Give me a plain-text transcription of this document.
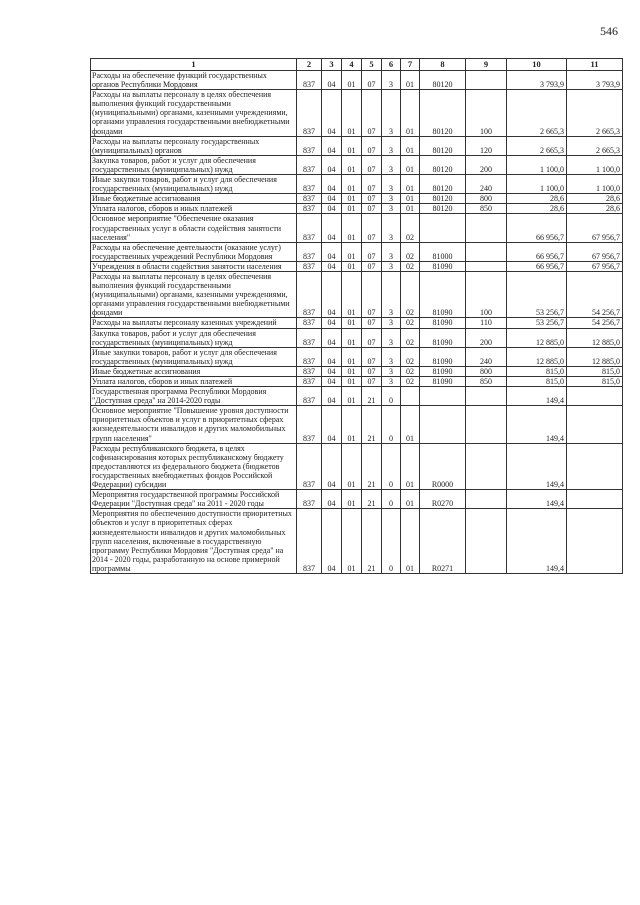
546
1	2	3	4	5	6	7	8	9	10	11
Расходы на обеспечение функций государственных органов Республики Мордовия	837	04	01	07	3	01	80120		3 793,9	3 793,9
Расходы на выплаты персоналу в целях обеспечения выполнения функций государственными (муниципальными) органами, казенными учреждениями, органами управления государственными внебюджетными фондами	837	04	01	07	3	01	80120	100	2 665,3	2 665,3
Расходы на выплаты персоналу государственных (муниципальных) органов	837	04	01	07	3	01	80120	120	2 665,3	2 665,3
Закупка товаров, работ и услуг для обеспечения государственных (муниципальных) нужд	837	04	01	07	3	01	80120	200	1 100,0	1 100,0
Иные закупки товаров, работ и услуг для обеспечения государственных (муниципальных) нужд	837	04	01	07	3	01	80120	240	1 100,0	1 100,0
Иные бюджетные ассигнования	837	04	01	07	3	01	80120	800	28,6	28,6
Уплата налогов, сборов и иных платежей	837	04	01	07	3	01	80120	850	28,6	28,6
Основное мероприятие "Обеспечение оказания государственных услуг в области содействия занятости населения"	837	04	01	07	3	02			66 956,7	67 956,7
Расходы на обеспечение деятельности (оказание услуг) государственных учреждений Республики Мордовия	837	04	01	07	3	02	81000		66 956,7	67 956,7
Учреждения в области содействия занятости населения	837	04	01	07	3	02	81090		66 956,7	67 956,7
Расходы на выплаты персоналу в целях обеспечения выполнения функций государственными (муниципальными) органами, казенными учреждениями, органами управления государственными внебюджетными фондами	837	04	01	07	3	02	81090	100	53 256,7	54 256,7
Расходы на выплаты персоналу казенных учреждений	837	04	01	07	3	02	81090	110	53 256,7	54 256,7
Закупка товаров, работ и услуг для обеспечения государственных (муниципальных) нужд	837	04	01	07	3	02	81090	200	12 885,0	12 885,0
Иные закупки товаров, работ и услуг для обеспечения государственных (муниципальных) нужд	837	04	01	07	3	02	81090	240	12 885,0	12 885,0
Иные бюджетные ассигнования	837	04	01	07	3	02	81090	800	815,0	815,0
Уплата налогов, сборов и иных платежей	837	04	01	07	3	02	81090	850	815,0	815,0
Государственная программа Республики Мордовия "Доступная среда" на 2014-2020 годы	837	04	01	21	0				149,4	
Основное мероприятие "Повышение уровня доступности приоритетных объектов и услуг в приоритетных сферах жизнедеятельности инвалидов и других маломобильных групп населения"	837	04	01	21	0	01			149,4	
Расходы республиканского бюджета, в целях софинансирования которых республиканскому бюджету предоставляются из федерального бюджета (бюджетов государственных внебюджетных фондов Российской Федерации) субсидии	837	04	01	21	0	01	R0000		149,4	
Мероприятия государственной программы Российской Федерации "Доступная среда" на 2011 - 2020 годы	837	04	01	21	0	01	R0270		149,4	
Мероприятия по обеспечению доступности приоритетных объектов и услуг в приоритетных сферах жизнедеятельности инвалидов и других маломобильных групп населения, включенные в государственную программу Республики Мордовия "Доступная среда" на 2014 - 2020 годы, разработанную на основе примерной программы	837	04	01	21	0	01	R0271		149,4	
